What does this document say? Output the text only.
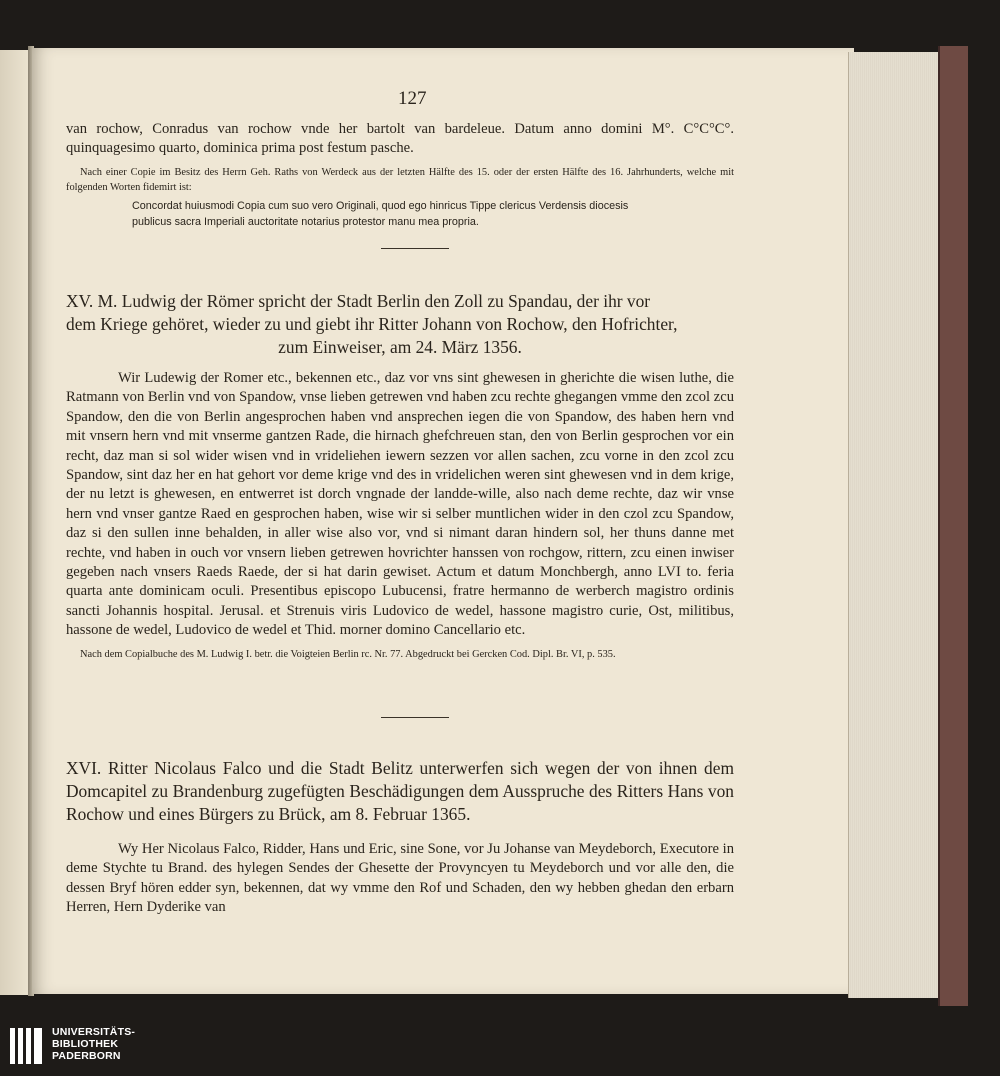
127

van rochow, Conradus van rochow vnde her bartolt van bardeleue. Datum anno domini M°. C°C°C°. quinquagesimo quarto, dominica prima post festum pasche.

Nach einer Copie im Besitz des Herrn Geh. Raths von Werdeck aus der letzten Hälfte des 15. oder der ersten Hälfte des 16. Jahrhunderts, welche mit folgenden Worten fidemirt ist:

Concordat huiusmodi Copia cum suo vero Originali, quod ego hinricus Tippe clericus Verdensis diocesis

publicus sacra Imperiali auctoritate notarius protestor manu mea propria.

XV. M. Ludwig der Römer spricht der Stadt Berlin den Zoll zu Spandau, der ihr vor

dem Kriege gehöret, wieder zu und giebt ihr Ritter Johann von Rochow, den Hofrichter,

zum Einweiser, am 24. März 1356.

Wir Ludewig der Romer etc., bekennen etc., daz vor vns sint ghewesen in gherichte die wisen luthe, die Ratmann von Berlin vnd von Spandow, vnse lieben getrewen vnd haben zcu rechte ghegangen vmme den zcol zcu Spandow, den die von Berlin angesprochen haben vnd ansprechen iegen die von Spandow, des haben hern vnd mit vnsern hern vnd mit vnserme gantzen Rade, die hirnach ghefchreuen stan, den von Berlin gesprochen vor ein recht, daz man si sol wider wisen vnd in vrideliehen iewern sezzen vor allen sachen, zcu vorne in den zcol zcu Spandow, sint daz her en hat gehort vor deme krige vnd des in vridelichen weren sint ghewesen vnd in dem krige, der nu letzt is ghewesen, en entwerret ist dorch vngnade der landde-wille, also nach deme rechte, daz wir vnse hern vnd vnser gantze Raed en gesprochen haben, wise wir si selber muntlichen wider in den czol zcu Spandow, daz si den sullen inne behalden, in aller wise also vor, vnd si nimant daran hindern sol, her thuns danne met rechte, vnd haben in ouch vor vnsern lieben getrewen hovrichter hanssen von rochgow, rittern, zcu einen inwiser gegeben nach vnsers Raeds Raede, der si hat darin gewiset. Actum et datum Monchbergh, anno LVI to. feria quarta ante dominicam oculi. Presentibus episcopo Lubucensi, fratre hermanno de werberch magistro ordinis sancti Johannis hospital. Jerusal. et Strenuis viris Ludovico de wedel, hassone magistro curie, Ost, militibus, hassone de wedel, Ludovico de wedel et Thid. morner domino Cancellario etc.

Nach dem Copialbuche des M. Ludwig I. betr. die Voigteien Berlin rc. Nr. 77. Abgedruckt bei Gercken Cod. Dipl. Br. VI, p. 535.

XVI. Ritter Nicolaus Falco und die Stadt Belitz unterwerfen sich wegen der von ihnen dem Domcapitel zu Brandenburg zugefügten Beschädigungen dem Ausspruche des Ritters Hans von Rochow und eines Bürgers zu Brück, am 8. Februar 1365.

Wy Her Nicolaus Falco, Ridder, Hans und Eric, sine Sone, vor Ju Johanse van Meydeborch, Executore in deme Stychte tu Brand. des hylegen Sendes der Ghesette der Provyncyen tu Meydeborch und vor alle den, die dessen Bryf hören edder syn, bekennen, dat wy vmme den Rof und Schaden, den wy hebben ghedan den erbarn Herren, Hern Dyderike van

UNIVERSITÄTS-
BIBLIOTHEK
PADERBORN
